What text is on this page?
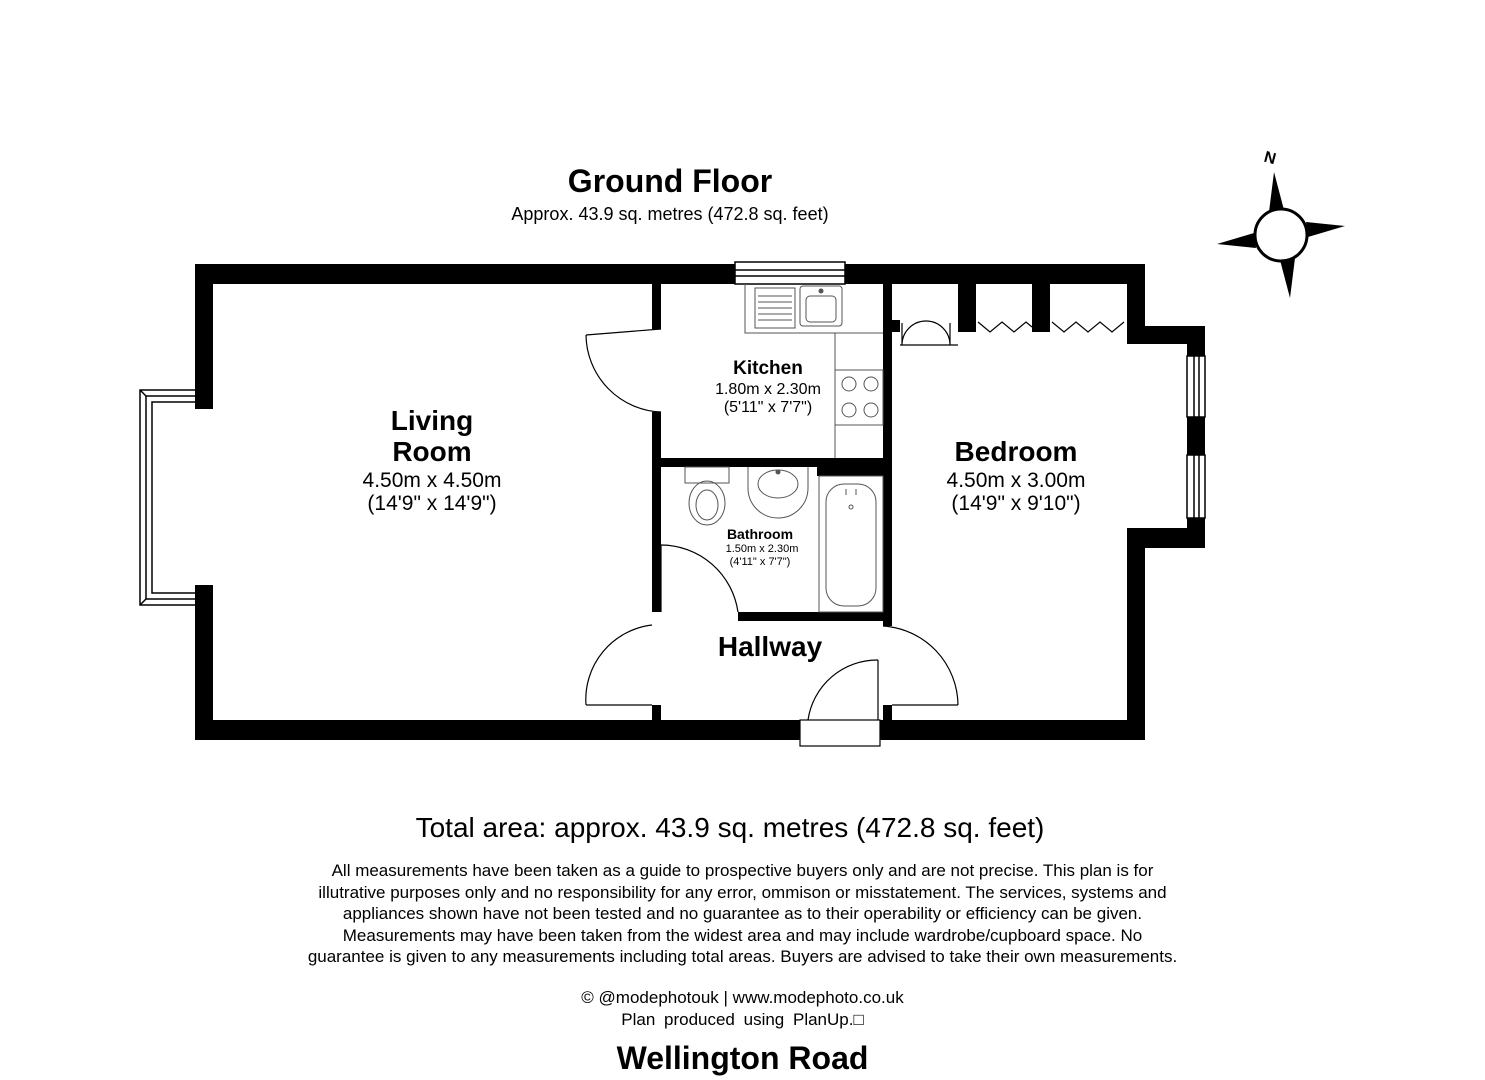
Ground Floor
Approx. 43.9 sq. metres (472.8 sq. feet)
N
Living
Room
4.50m x 4.50m
(14'9" x 14'9")
Kitchen
1.80m x 2.30m
(5'11" x 7'7")
Bathroom
1.50m x 2.30m
(4'11" x 7'7")
Bedroom
4.50m x 3.00m
(14'9" x 9'10")
Hallway
Total area: approx. 43.9 sq. metres (472.8 sq. feet)
All measurements have been taken as a guide to prospective buyers only and are not precise. This plan is for
illutrative purposes only and no responsibility for any error, ommison or misstatement. The services, systems and
appliances shown have not been tested and no guarantee as to their operability or efficiency can be given.
Measurements may have been taken from the widest area and may include wardrobe/cupboard space. No
guarantee is given to any measurements including total areas. Buyers are advised to take their own measurements.
© @modephotouk | www.modephoto.co.uk
Plan produced using PlanUp.□
Wellington Road
